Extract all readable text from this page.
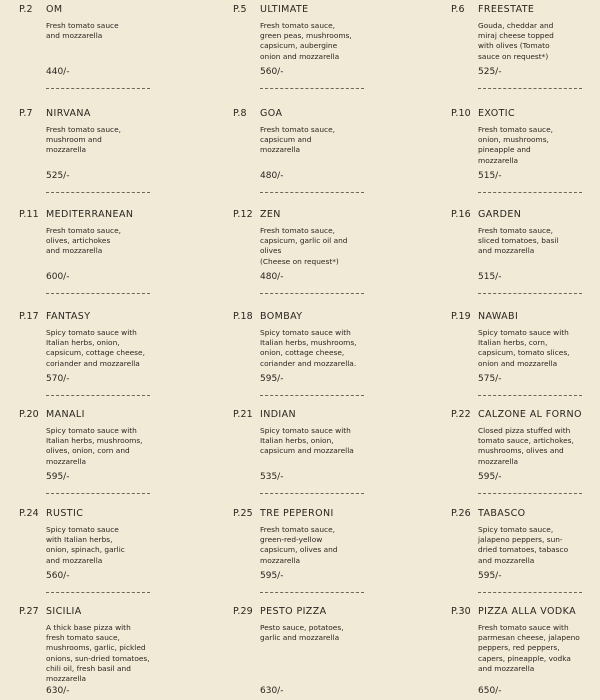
P.2 OM
Fresh tomato sauce
and mozzarella
440/-
P.5 ULTIMATE
Fresh tomato sauce,
green peas, mushrooms,
capsicum, aubergine
onion and mozzarella
560/-
P.6 FREESTATE
Gouda, cheddar and
miraj cheese topped
with olives (Tomato
sauce on request*)
525/-
P.7 NIRVANA
Fresh tomato sauce,
mushroom and
mozzarella
525/-
P.8 GOA
Fresh tomato sauce,
capsicum and
mozzarella
480/-
P.10 EXOTIC
Fresh tomato sauce,
onion, mushrooms,
pineapple and
mozzarella
515/-
P.11 MEDITERRANEAN
Fresh tomato sauce,
olives, artichokes
and mozzarella
600/-
P.12 ZEN
Fresh tomato sauce,
capsicum, garlic oil and
olives
(Cheese on request*)
480/-
P.16 GARDEN
Fresh tomato sauce,
sliced tomatoes, basil
and mozzarella
515/-
P.17 FANTASY
Spicy tomato sauce with
Italian herbs, onion,
capsicum, cottage cheese,
coriander and mozzarella
570/-
P.18 BOMBAY
Spicy tomato sauce with
Italian herbs, mushrooms,
onion, cottage cheese,
coriander and mozzarella.
595/-
P.19 NAWABI
Spicy tomato sauce with
Italian herbs, corn,
capsicum, tomato slices,
onion and mozzarella
575/-
P.20 MANALI
Spicy tomato sauce with
Italian herbs, mushrooms,
olives, onion, corn and
mozzarella
595/-
P.21 INDIAN
Spicy tomato sauce with
Italian herbs, onion,
capsicum and mozzarella
535/-
P.22 CALZONE AL FORNO
Closed pizza stuffed with
tomato sauce, artichokes,
mushrooms, olives and
mozzarella
595/-
P.24 RUSTIC
Spicy tomato sauce
with Italian herbs,
onion, spinach, garlic
and mozzarella
560/-
P.25 TRE PEPERONI
Fresh tomato sauce,
green-red-yellow
capsicum, olives and
mozzarella
595/-
P.26 TABASCO
Spicy tomato sauce,
jalapeno peppers, sun-
dried tomatoes, tabasco
and mozzarella
595/-
P.27 SICILIA
A thick base pizza with
fresh tomato sauce,
mushrooms, garlic, pickled
onions, sun-dried tomatoes,
chili oil, fresh basil and
mozzarella
630/-
P.29 PESTO PIZZA
Pesto sauce, potatoes,
garlic and mozzarella
630/-
P.30 PIZZA ALLA VODKA
Fresh tomato sauce with
parmesan cheese, jalapeno
peppers, red peppers,
capers, pineapple, vodka
and mozzarella
650/-
